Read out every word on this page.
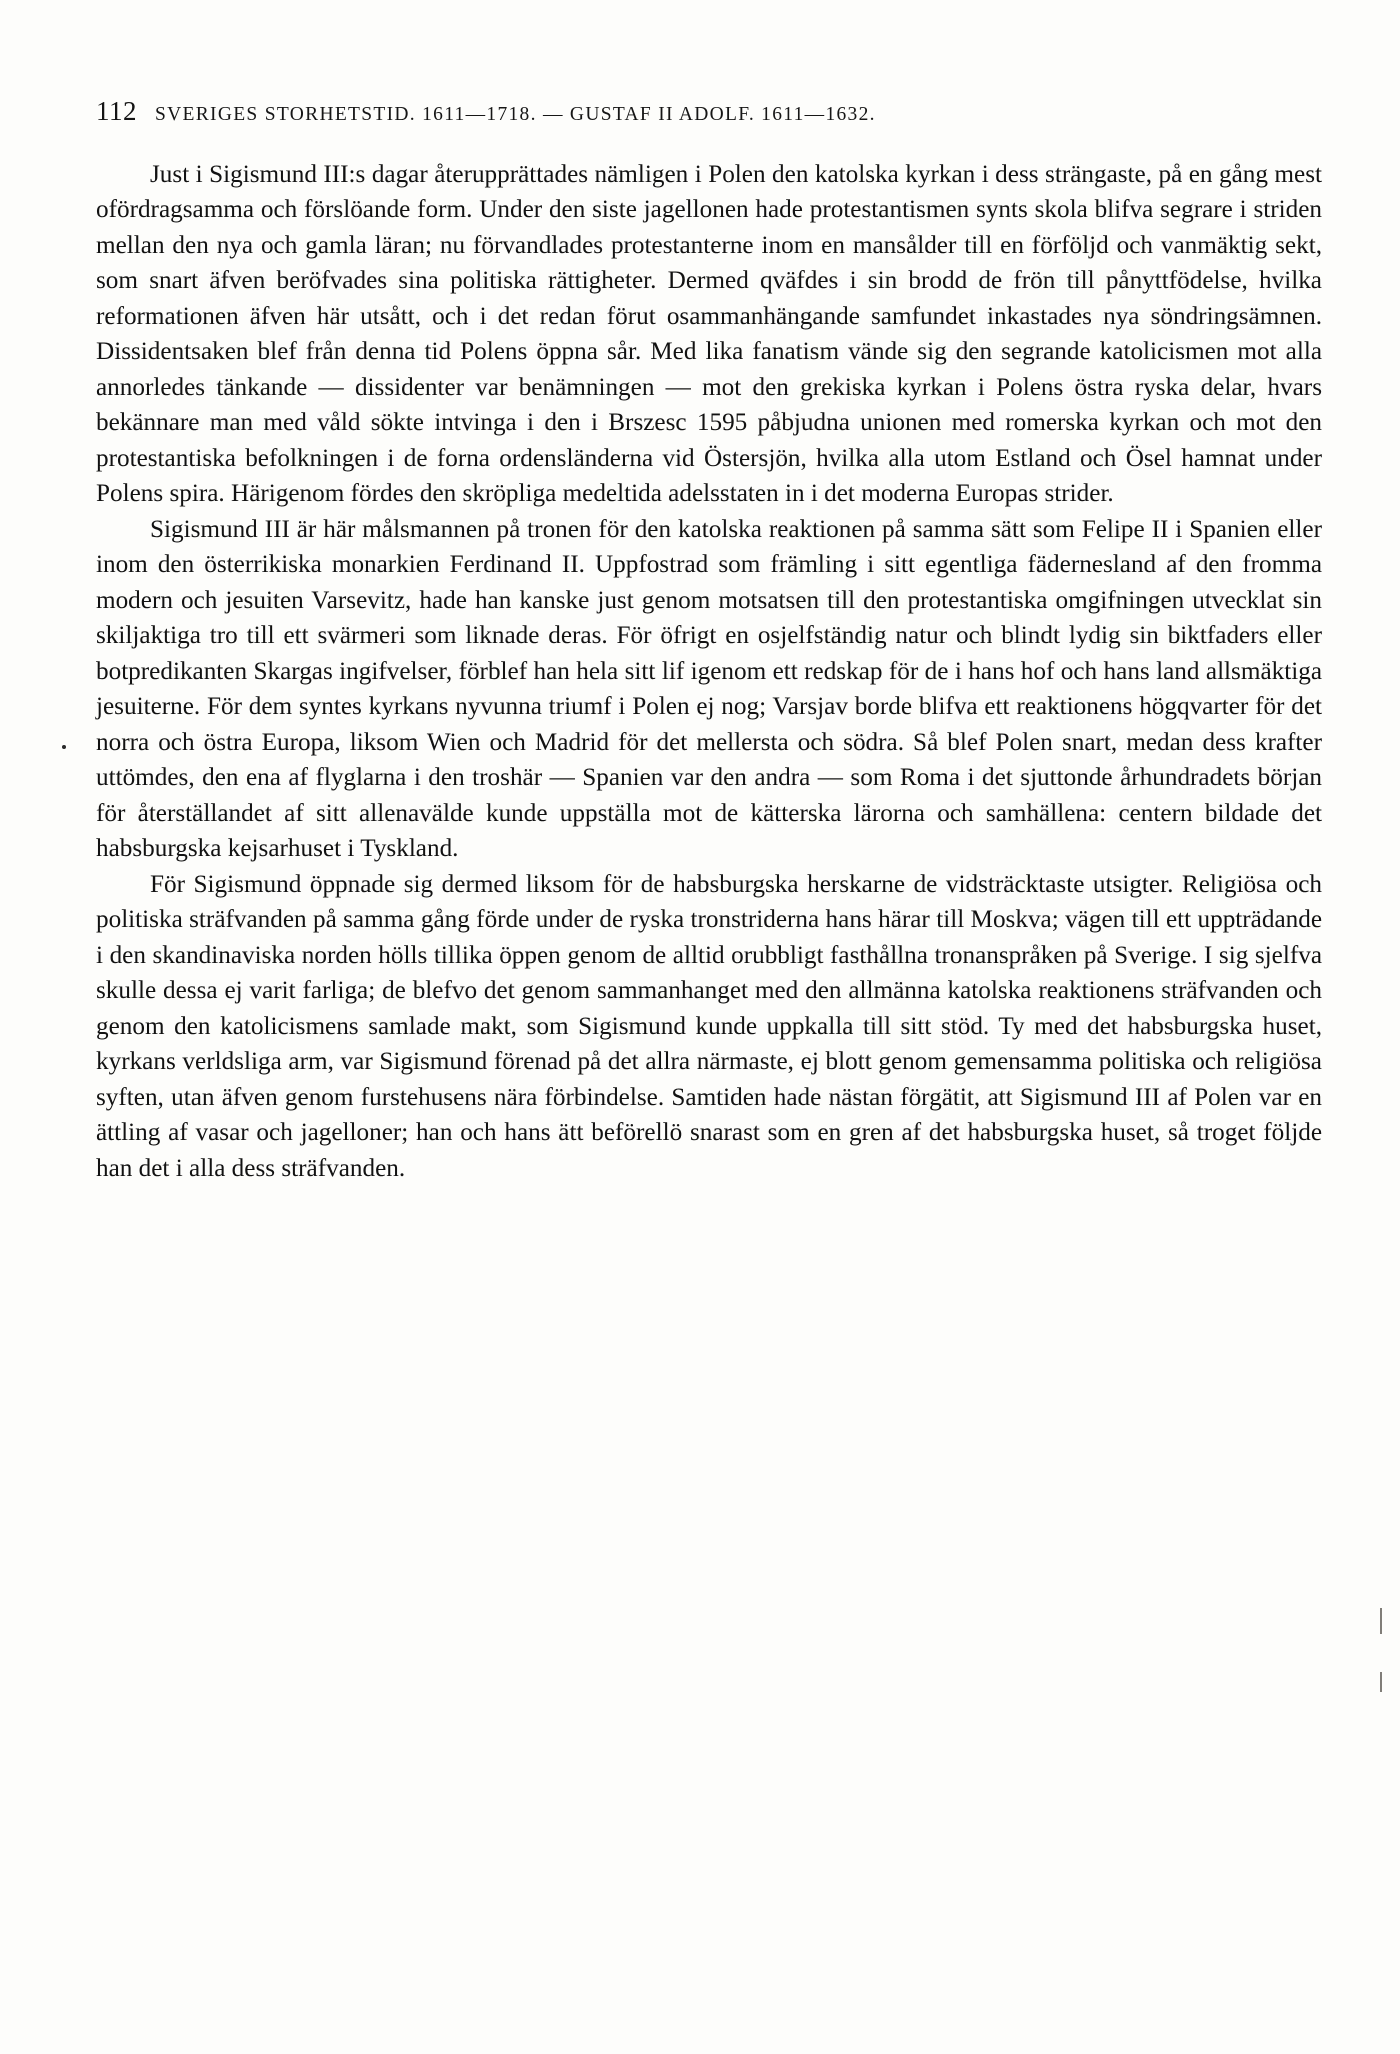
112 SVERIGES STORHETSTID. 1611—1718. — GUSTAF II ADOLF. 1611—1632.

Just i Sigismund III:s dagar återupprättades nämligen i Polen den katolska kyrkan i dess strängaste, på en gång mest ofördragsamma och förslöande form. Under den siste jagellonen hade protestantismen synts skola blifva segrare i striden mellan den nya och gamla läran; nu förvandlades protestanterne inom en mansålder till en förföljd och vanmäktig sekt, som snart äfven beröfvades sina politiska rättigheter. Dermed qväfdes i sin brodd de frön till pånyttfödelse, hvilka reformationen äfven här utsått, och i det redan förut osammanhängande samfundet inkastades nya söndringsämnen. Dissidentsaken blef från denna tid Polens öppna sår. Med lika fanatism vände sig den segrande katolicismen mot alla annorledes tänkande — dissidenter var benämningen — mot den grekiska kyrkan i Polens östra ryska delar, hvars bekännare man med våld sökte intvinga i den i Brszesc 1595 påbjudna unionen med romerska kyrkan och mot den protestantiska befolkningen i de forna ordensländerna vid Östersjön, hvilka alla utom Estland och Ösel hamnat under Polens spira. Härigenom fördes den skröpliga medeltida adelsstaten in i det moderna Europas strider.

Sigismund III är här målsmannen på tronen för den katolska reaktionen på samma sätt som Felipe II i Spanien eller inom den österrikiska monarkien Ferdinand II. Uppfostrad som främling i sitt egentliga fädernesland af den fromma modern och jesuiten Varsevitz, hade han kanske just genom motsatsen till den protestantiska omgifningen utvecklat sin skiljaktiga tro till ett svärmeri som liknade deras. För öfrigt en osjelfständig natur och blindt lydig sin biktfaders eller botpredikanten Skargas ingifvelser, förblef han hela sitt lif igenom ett redskap för de i hans hof och hans land allsmäktiga jesuiterne. För dem syntes kyrkans nyvunna triumf i Polen ej nog; Varsjav borde blifva ett reaktionens högqvarter för det norra och östra Europa, liksom Wien och Madrid för det mellersta och södra. Så blef Polen snart, medan dess krafter uttömdes, den ena af flyglarna i den troshär — Spanien var den andra — som Roma i det sjuttonde århundradets början för återställandet af sitt allenavälde kunde uppställa mot de kätterska lärorna och samhällena: centern bildade det habsburgska kejsarhuset i Tyskland.

För Sigismund öppnade sig dermed liksom för de habsburgska herskarne de vidsträcktaste utsigter. Religiösa och politiska sträfvanden på samma gång förde under de ryska tronstriderna hans härar till Moskva; vägen till ett uppträdande i den skandinaviska norden hölls tillika öppen genom de alltid orubbligt fasthållna tronanspråken på Sverige. I sig sjelfva skulle dessa ej varit farliga; de blefvo det genom sammanhanget med den allmänna katolska reaktionens sträfvanden och genom den katolicismens samlade makt, som Sigismund kunde uppkalla till sitt stöd. Ty med det habsburgska huset, kyrkans verldsliga arm, var Sigismund förenad på det allra närmaste, ej blott genom gemensamma politiska och religiösa syften, utan äfven genom furstehusens nära förbindelse. Samtiden hade nästan förgätit, att Sigismund III af Polen var en ättling af vasar och jagelloner; han och hans ätt beförellö snarast som en gren af det habsburgska huset, så troget följde han det i alla dess sträfvanden.
